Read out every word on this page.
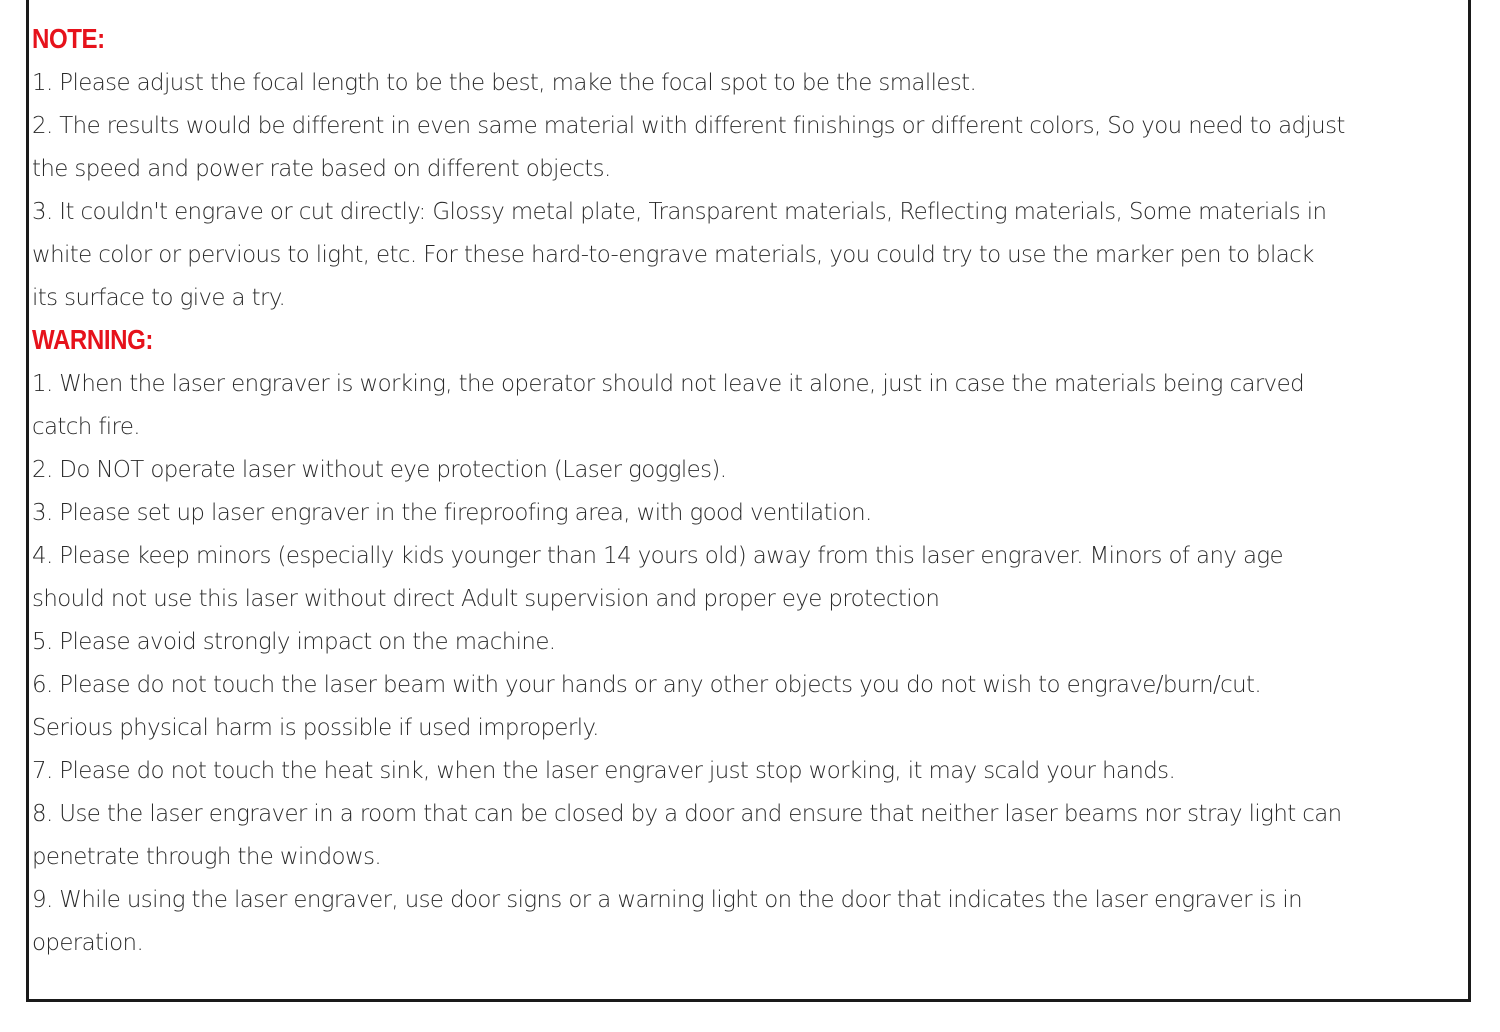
NOTE:
1. Please adjust the focal length to be the best, make the focal spot to be the smallest.
2. The results would be different in even same material with different finishings or different colors, So you need to adjust
the speed and power rate based on different objects.
3. It couldn't engrave or cut directly: Glossy metal plate, Transparent materials, Reflecting materials, Some materials in
white color or pervious to light, etc. For these hard-to-engrave materials, you could try to use the marker pen to black
its surface to give a try.
WARNING:
1. When the laser engraver is working, the operator should not leave it alone, just in case the materials being carved
catch fire.
2. Do NOT operate laser without eye protection (Laser goggles).
3. Please set up laser engraver in the fireproofing area, with good ventilation.
4. Please keep minors (especially kids younger than 14 yours old) away from this laser engraver. Minors of any age
should not use this laser without direct Adult supervision and proper eye protection
5. Please avoid strongly impact on the machine.
6. Please do not touch the laser beam with your hands or any other objects you do not wish to engrave/burn/cut.
Serious physical harm is possible if used improperly.
7. Please do not touch the heat sink, when the laser engraver just stop working, it may scald your hands.
8. Use the laser engraver in a room that can be closed by a door and ensure that neither laser beams nor stray light can
penetrate through the windows.
9. While using the laser engraver, use door signs or a warning light on the door that indicates the laser engraver is in
operation.
